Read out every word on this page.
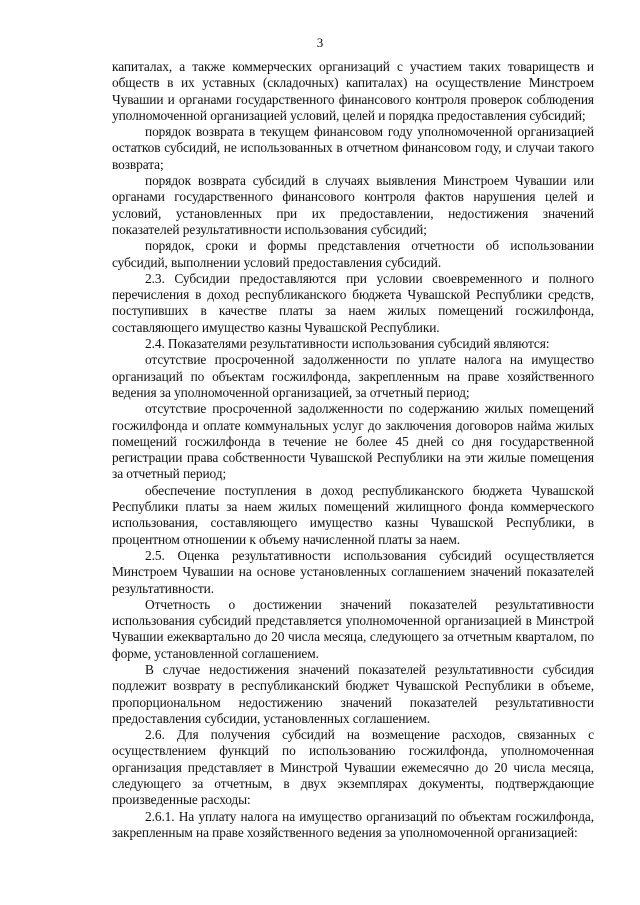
3

капиталах, а также коммерческих организаций с участием таких товариществ и обществ в их уставных (складочных) капиталах) на осуществление Минстроем Чувашии и органами государственного финансового контроля проверок соблюдения уполномоченной организацией условий, целей и порядка предоставления субсидий;

порядок возврата в текущем финансовом году уполномоченной организацией остатков субсидий, не использованных в отчетном финансовом году, и случаи такого возврата;

порядок возврата субсидий в случаях выявления Минстроем Чувашии или органами государственного финансового контроля фактов нарушения целей и условий, установленных при их предоставлении, недостижения значений показателей результативности использования субсидий;

порядок, сроки и формы представления отчетности об использовании субсидий, выполнении условий предоставления субсидий.

2.3. Субсидии предоставляются при условии своевременного и полного перечисления в доход республиканского бюджета Чувашской Республики средств, поступивших в качестве платы за наем жилых помещений госжилфонда, составляющего имущество казны Чувашской Республики.

2.4. Показателями результативности использования субсидий являются:

отсутствие просроченной задолженности по уплате налога на имущество организаций по объектам госжилфонда, закрепленным на праве хозяйственного ведения за уполномоченной организацией, за отчетный период;

отсутствие просроченной задолженности по содержанию жилых помещений госжилфонда и оплате коммунальных услуг до заключения договоров найма жилых помещений госжилфонда в течение не более 45 дней со дня государственной регистрации права собственности Чувашской Республики на эти жилые помещения за отчетный период;

обеспечение поступления в доход республиканского бюджета Чувашской Республики платы за наем жилых помещений жилищного фонда коммерческого использования, составляющего имущество казны Чувашской Республики, в процентном отношении к объему начисленной платы за наем.

2.5. Оценка результативности использования субсидий осуществляется Минстроем Чувашии на основе установленных соглашением значений показателей результативности.

Отчетность о достижении значений показателей результативности использования субсидий представляется уполномоченной организацией в Минстрой Чувашии ежеквартально до 20 числа месяца, следующего за отчетным кварталом, по форме, установленной соглашением.

В случае недостижения значений показателей результативности субсидия подлежит возврату в республиканский бюджет Чувашской Республики в объеме, пропорциональном недостижению значений показателей результативности предоставления субсидии, установленных соглашением.

2.6. Для получения субсидий на возмещение расходов, связанных с осуществлением функций по использованию госжилфонда, уполномоченная организация представляет в Минстрой Чувашии ежемесячно до 20 числа месяца, следующего за отчетным, в двух экземплярах документы, подтверждающие произведенные расходы:

2.6.1. На уплату налога на имущество организаций по объектам госжилфонда, закрепленным на праве хозяйственного ведения за уполномоченной организацией:
